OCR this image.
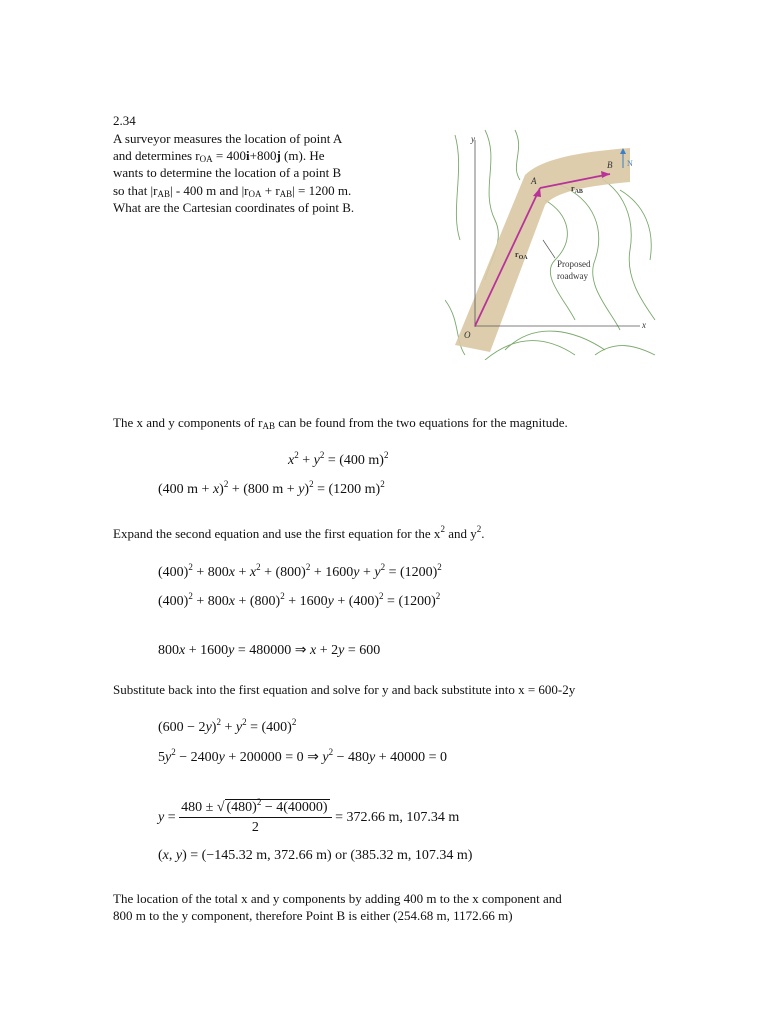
2.34
A surveyor measures the location of point A
and determines $r_{OA} = 400i+800j$ (m). He
wants to determine the location of a point B
so that $|r_{AB}| - 400$ m and $|r_{OA} + r_{AB}| = 1200$ m.
What are the Cartesian coordinates of point B.
y
x
O
A
B N
$r_{OA}$
$r_{AB}$
Proposed
roadway
The x and y components of $r_{AB}$ can be found from the two equations for the magnitude.
$x^2 + y^2 = (400$ m)$^2$
(400 m + x)$^2$ + (800 m + y)$^2$ = (1200 m)$^2$
Expand the second equation and use the first equation for the $x^2$ and $y^2$.
$(400)^2 + 800x + x^2 + (800)^2 + 1600y + y^2 = (1200)^2$
$(400)^2 + 800x + (800)^2 + 1600y + (400)^2 = (1200)^2$
800x + 1600y = 480000 ⇒ x + 2y = 600
Substitute back into the first equation and solve for y and back substitute into x = 600-2y
$(600 - 2y)^2 + y^2 = (400)^2$
$5y^2 - 2400y + 200000 = 0$ ⇒ $y^2 - 480y + 40000 = 0$
$y = \frac{480 \pm √ (480)^2 - 4(40000)}{2} = 372.66$ m, 107.34 m
(x, y) = (−145.32 m, 372.66 m) or (385.32 m, 107.34 m)
The location of the total x and y components by adding 400 m to the x component and
800 m to the y component, therefore Point B is either (254.68 m, 1172.66 m)
